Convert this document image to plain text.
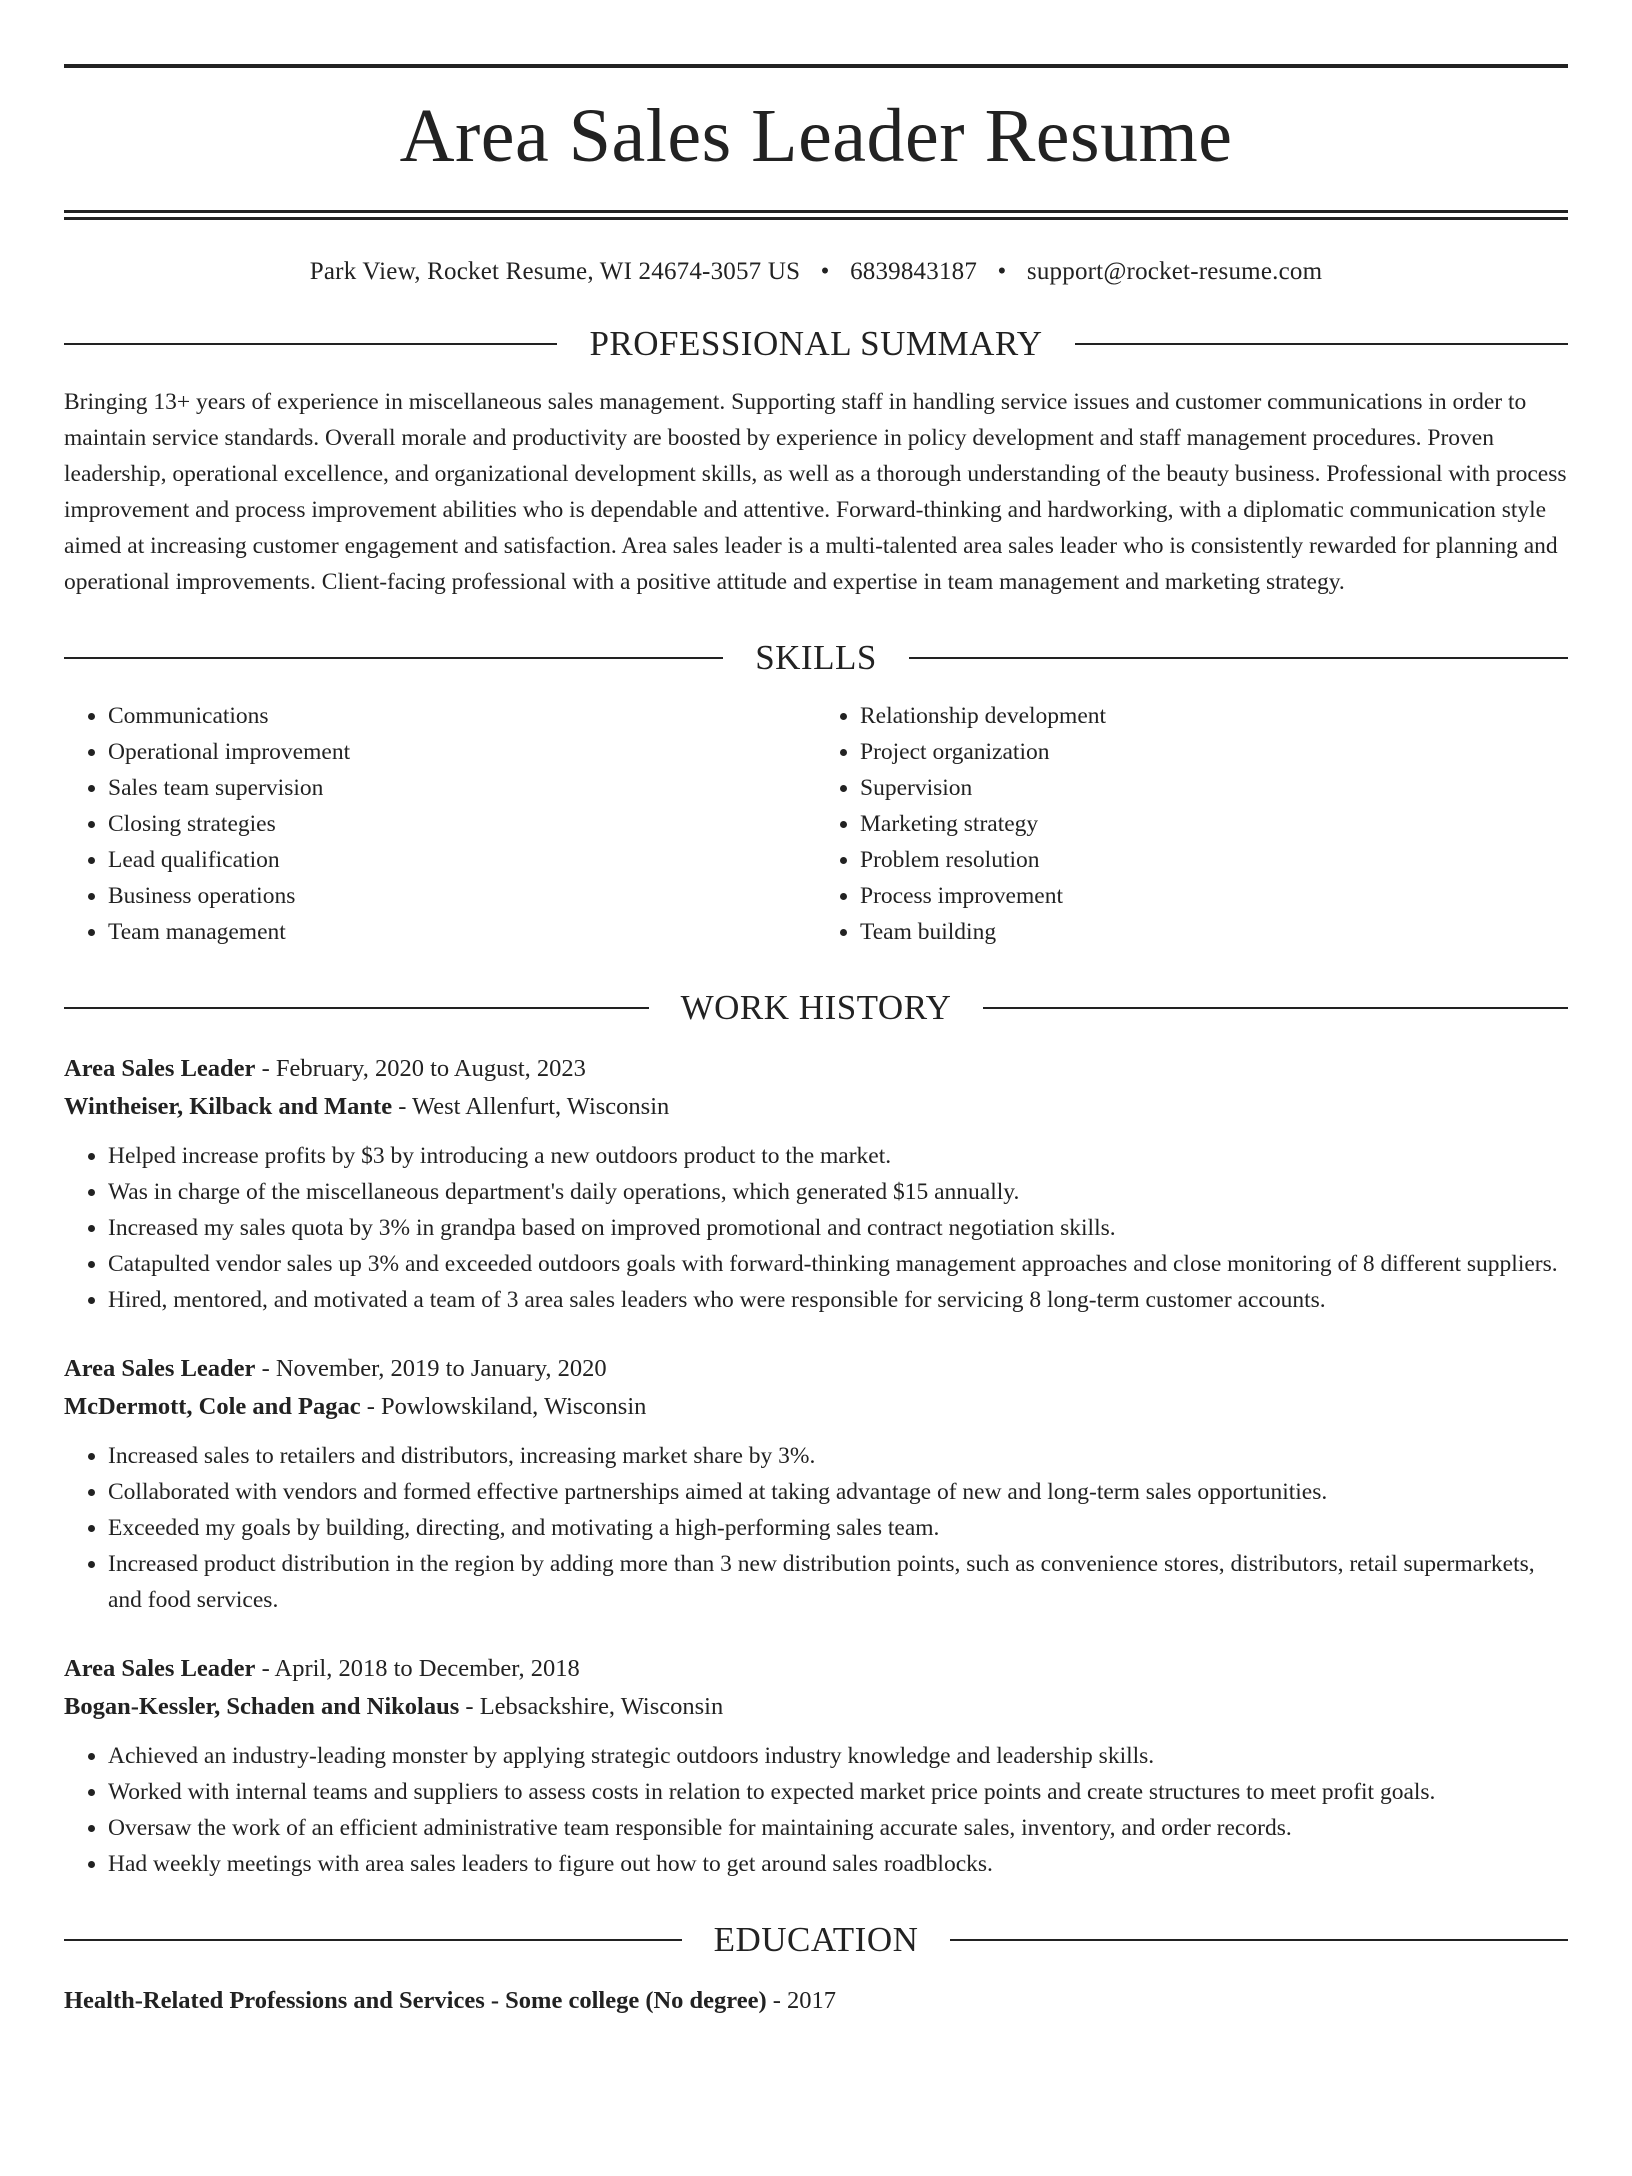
Area Sales Leader Resume
Park View, Rocket Resume, WI 24674-3057 US • 6839843187 • support@rocket-resume.com
PROFESSIONAL SUMMARY

Bringing 13+ years of experience in miscellaneous sales management. Supporting staff in handling service issues and customer communications in order to maintain service standards. Overall morale and productivity are boosted by experience in policy development and staff management procedures. Proven leadership, operational excellence, and organizational development skills, as well as a thorough understanding of the beauty business. Professional with process improvement and process improvement abilities who is dependable and attentive. Forward-thinking and hardworking, with a diplomatic communication style aimed at increasing customer engagement and satisfaction. Area sales leader is a multi-talented area sales leader who is consistently rewarded for planning and operational improvements. Client-facing professional with a positive attitude and expertise in team management and marketing strategy.

SKILLS
• Communications
• Operational improvement
• Sales team supervision
• Closing strategies
• Lead qualification
• Business operations
• Team management
• Relationship development
• Project organization
• Supervision
• Marketing strategy
• Problem resolution
• Process improvement
• Team building
WORK HISTORY
Area Sales Leader - February, 2020 to August, 2023
Wintheiser, Kilback and Mante - West Allenfurt, Wisconsin
• Helped increase profits by $3 by introducing a new outdoors product to the market.
• Was in charge of the miscellaneous department's daily operations, which generated $15 annually.
• Increased my sales quota by 3% in grandpa based on improved promotional and contract negotiation skills.
• Catapulted vendor sales up 3% and exceeded outdoors goals with forward-thinking management approaches and close monitoring of 8 different suppliers.
• Hired, mentored, and motivated a team of 3 area sales leaders who were responsible for servicing 8 long-term customer accounts.
Area Sales Leader - November, 2019 to January, 2020
McDermott, Cole and Pagac - Powlowskiland, Wisconsin
• Increased sales to retailers and distributors, increasing market share by 3%.
• Collaborated with vendors and formed effective partnerships aimed at taking advantage of new and long-term sales opportunities.
• Exceeded my goals by building, directing, and motivating a high-performing sales team.
• Increased product distribution in the region by adding more than 3 new distribution points, such as convenience stores, distributors, retail supermarkets, and food services.
Area Sales Leader - April, 2018 to December, 2018
Bogan-Kessler, Schaden and Nikolaus - Lebsackshire, Wisconsin
• Achieved an industry-leading monster by applying strategic outdoors industry knowledge and leadership skills.
• Worked with internal teams and suppliers to assess costs in relation to expected market price points and create structures to meet profit goals.
• Oversaw the work of an efficient administrative team responsible for maintaining accurate sales, inventory, and order records.
• Had weekly meetings with area sales leaders to figure out how to get around sales roadblocks.
EDUCATION
Health-Related Professions and Services - Some college (No degree) - 2017
